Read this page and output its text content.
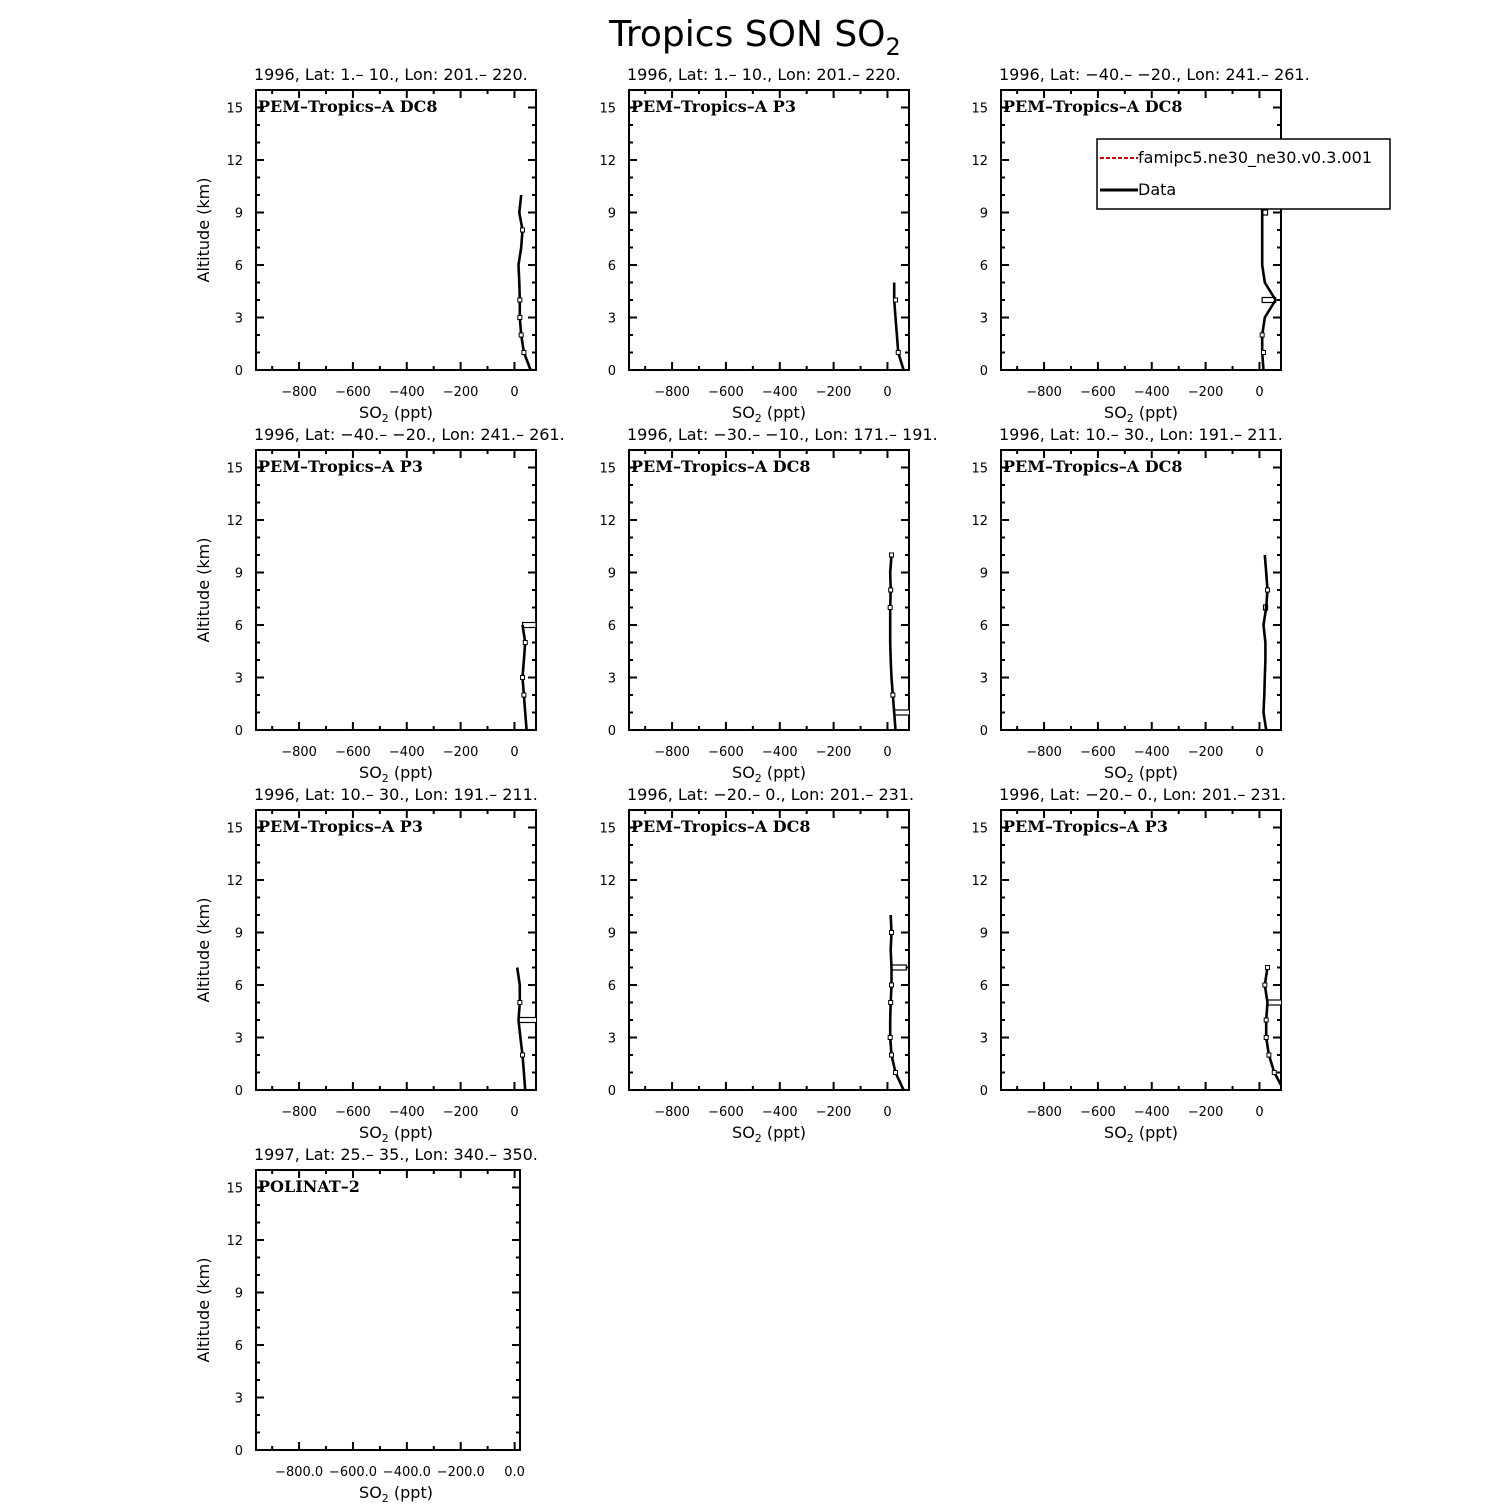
Tropics SON $SO_2$
0
3
6
9
12
15
−800 −600 −400 −200 0
1996, Lat: 1.– 10., Lon: 201.– 220.
PEM–Tropics–A DC8
$SO_2$ (ppt)
Altitude (km)
0
3
6
9
12
15
−800 −600 −400 −200 0
1996, Lat: 1.– 10., Lon: 201.– 220.
PEM–Tropics–A P3
$SO_2$ (ppt)
0
3
6
9
12
15
−800 −600 −400 −200 0
1996, Lat: −40.– −20., Lon: 241.– 261.
PEM–Tropics–A DC8
$SO_2$ (ppt)
0
3
6
9
12
15
−800 −600 −400 −200 0
1996, Lat: −40.– −20., Lon: 241.– 261.
PEM–Tropics–A P3
$SO_2$ (ppt)
Altitude (km)
0
3
6
9
12
15
−800 −600 −400 −200 0
1996, Lat: −30.– −10., Lon: 171.– 191.
PEM–Tropics–A DC8
$SO_2$ (ppt)
0
3
6
9
12
15
−800 −600 −400 −200 0
1996, Lat: 10.– 30., Lon: 191.– 211.
PEM–Tropics–A DC8
$SO_2$ (ppt)
0
3
6
9
12
15
−800 −600 −400 −200 0
1996, Lat: 10.– 30., Lon: 191.– 211.
PEM–Tropics–A P3
$SO_2$ (ppt)
Altitude (km)
0
3
6
9
12
15
−800 −600 −400 −200 0
1996, Lat: −20.– 0., Lon: 201.– 231.
PEM–Tropics–A DC8
$SO_2$ (ppt)
0
3
6
9
12
15
−800 −600 −400 −200 0
1996, Lat: −20.– 0., Lon: 201.– 231.
PEM–Tropics–A P3
$SO_2$ (ppt)
0
3
6
9
12
15
−800.0 −600.0 −400.0 −200.0 0.0
1997, Lat: 25.– 35., Lon: 340.– 350.
POLINAT–2
$SO_2$ (ppt)
Altitude (km)
famipc5.ne30_ne30.v0.3.001
Data
